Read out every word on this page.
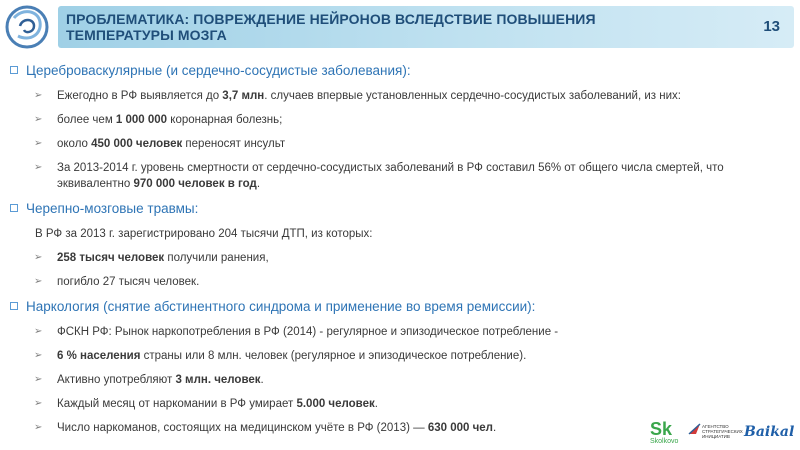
ПРОБЛЕМАТИКА: ПОВРЕЖДЕНИЕ НЕЙРОНОВ ВСЛЕДСТВИЕ ПОВЫШЕНИЯ ТЕМПЕРАТУРЫ МОЗГА	13
Цереброваскулярные (и сердечно-сосудистые заболевания):
➢ Ежегодно в РФ выявляется до 3,7 млн. случаев впервые установленных сердечно-сосудистых заболеваний, из них:
➢ более чем 1 000 000 коронарная болезнь;
➢ около 450 000 человек переносят инсульт
➢ За 2013-2014 г. уровень смертности от сердечно-сосудистых заболеваний в РФ составил 56% от общего числа смертей, что эквивалентно 970 000 человек в год.
Черепно-мозговые травмы:
В РФ за 2013 г. зарегистрировано 204 тысячи ДТП, из которых:
➢ 258 тысяч человек получили ранения,
➢ погибло 27 тысяч человек.
Наркология (снятие абстинентного синдрома и применение во время ремиссии):
➢ ФСКН РФ: Рынок наркопотребления в РФ (2014) - регулярное и эпизодическое потребление -
➢ 6 % населения страны или 8 млн. человек (регулярное и эпизодическое потребление).
➢ Активно употребляют 3 млн. человек.
➢ Каждый месяц от наркомании в РФ умирает 5.000 человек.
➢ Число наркоманов, состоящих на медицинском учёте в РФ (2013) — 630 000 чел.	Sk
Skolkovo
АГЕНТСТВО СТРАТЕГИЧЕСКИХ ИНИЦИАТИВ	Baikal
